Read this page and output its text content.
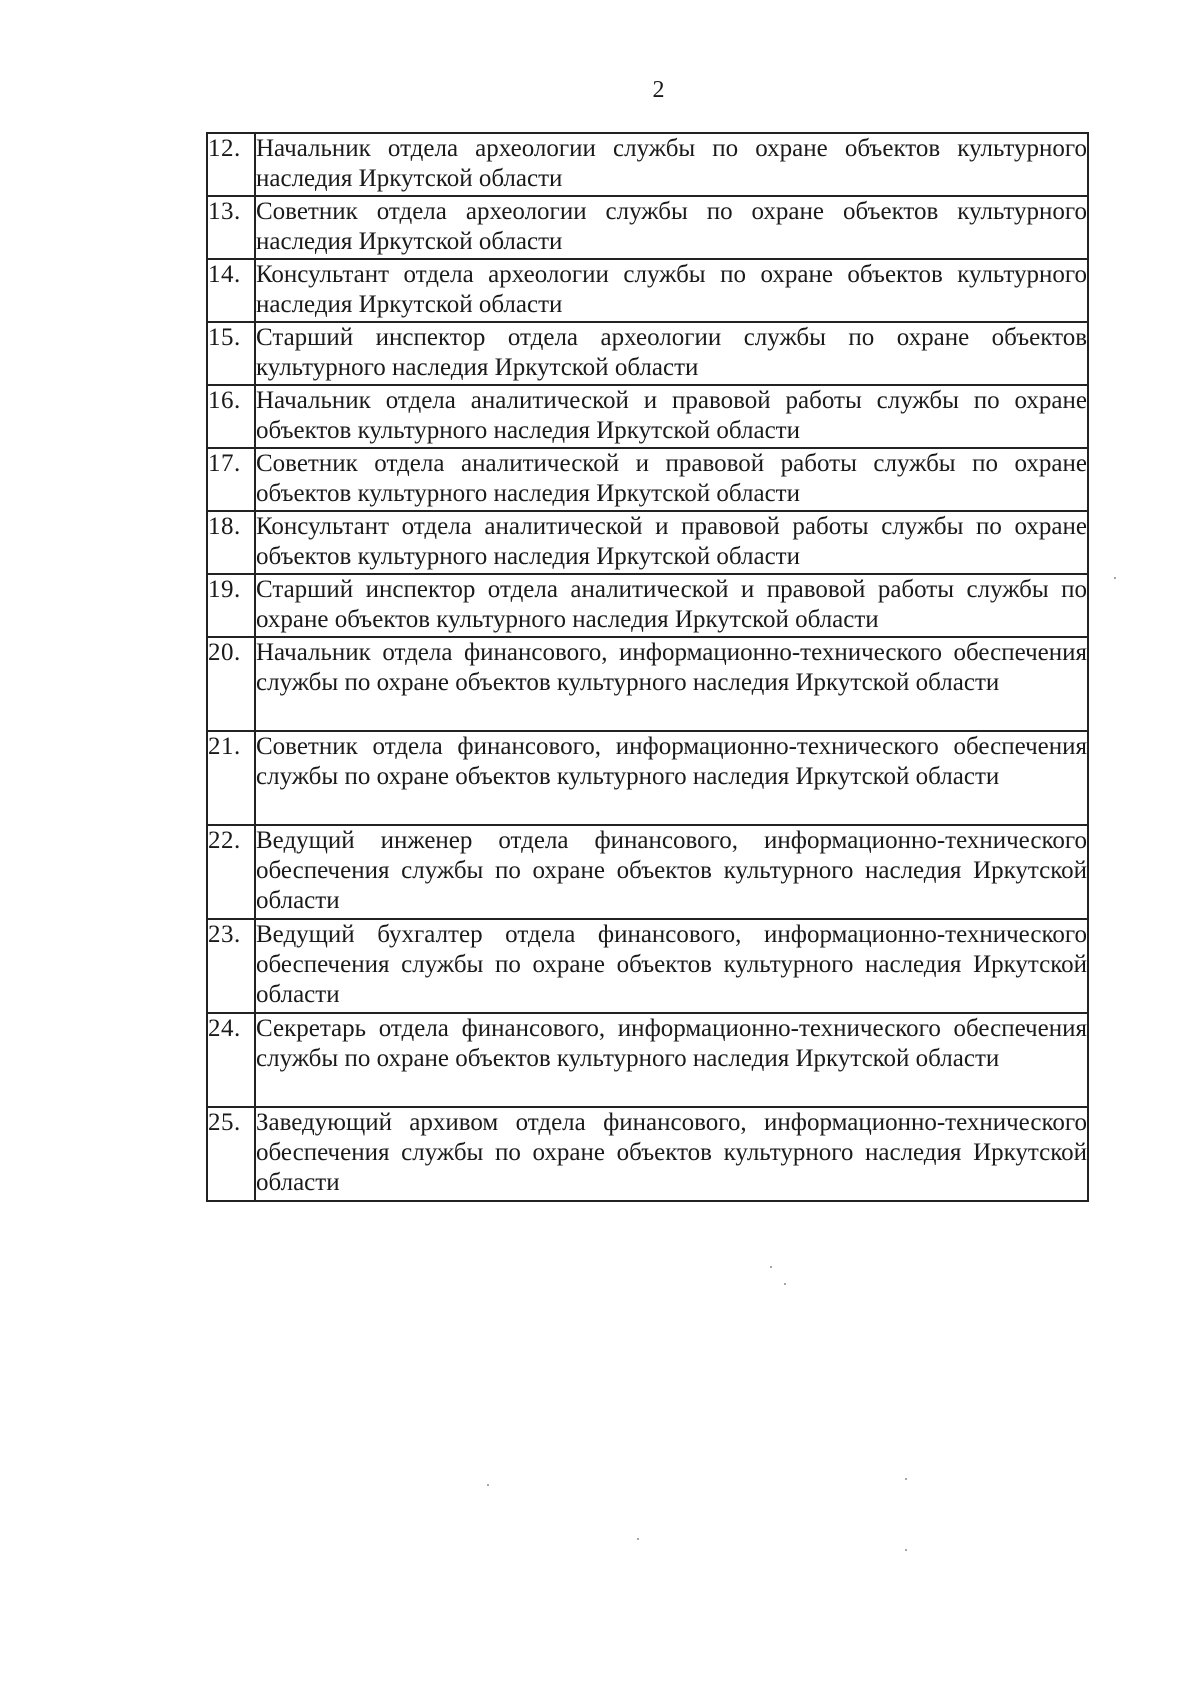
2
12.	Начальник отдела археологии службы по охране объектов культурного наследия Иркутской области
13.	Советник отдела археологии службы по охране объектов культурного наследия Иркутской области
14.	Консультант отдела археологии службы по охране объектов культурного наследия Иркутской области
15.	Старший инспектор отдела археологии службы по охране объектов культурного наследия Иркутской области
16.	Начальник отдела аналитической и правовой работы службы по охране объектов культурного наследия Иркутской области
17.	Советник отдела аналитической и правовой работы службы по охране объектов культурного наследия Иркутской области
18.	Консультант отдела аналитической и правовой работы службы по охране объектов культурного наследия Иркутской области
19.	Старший инспектор отдела аналитической и правовой работы службы по охране объектов культурного наследия Иркутской области
20.	Начальник отдела финансового, информационно-технического обеспечения службы по охране объектов культурного наследия Иркутской области
21.	Советник отдела финансового, информационно-технического обеспечения службы по охране объектов культурного наследия Иркутской области
22.	Ведущий инженер отдела финансового, информационно-технического обеспечения службы по охране объектов культурного наследия Иркутской области
23.	Ведущий бухгалтер отдела финансового, информационно-технического обеспечения службы по охране объектов культурного наследия Иркутской области
24.	Секретарь отдела финансового, информационно-технического обеспечения службы по охране объектов культурного наследия Иркутской области
25.	Заведующий архивом отдела финансового, информационно-технического обеспечения службы по охране объектов культурного наследия Иркутской области
